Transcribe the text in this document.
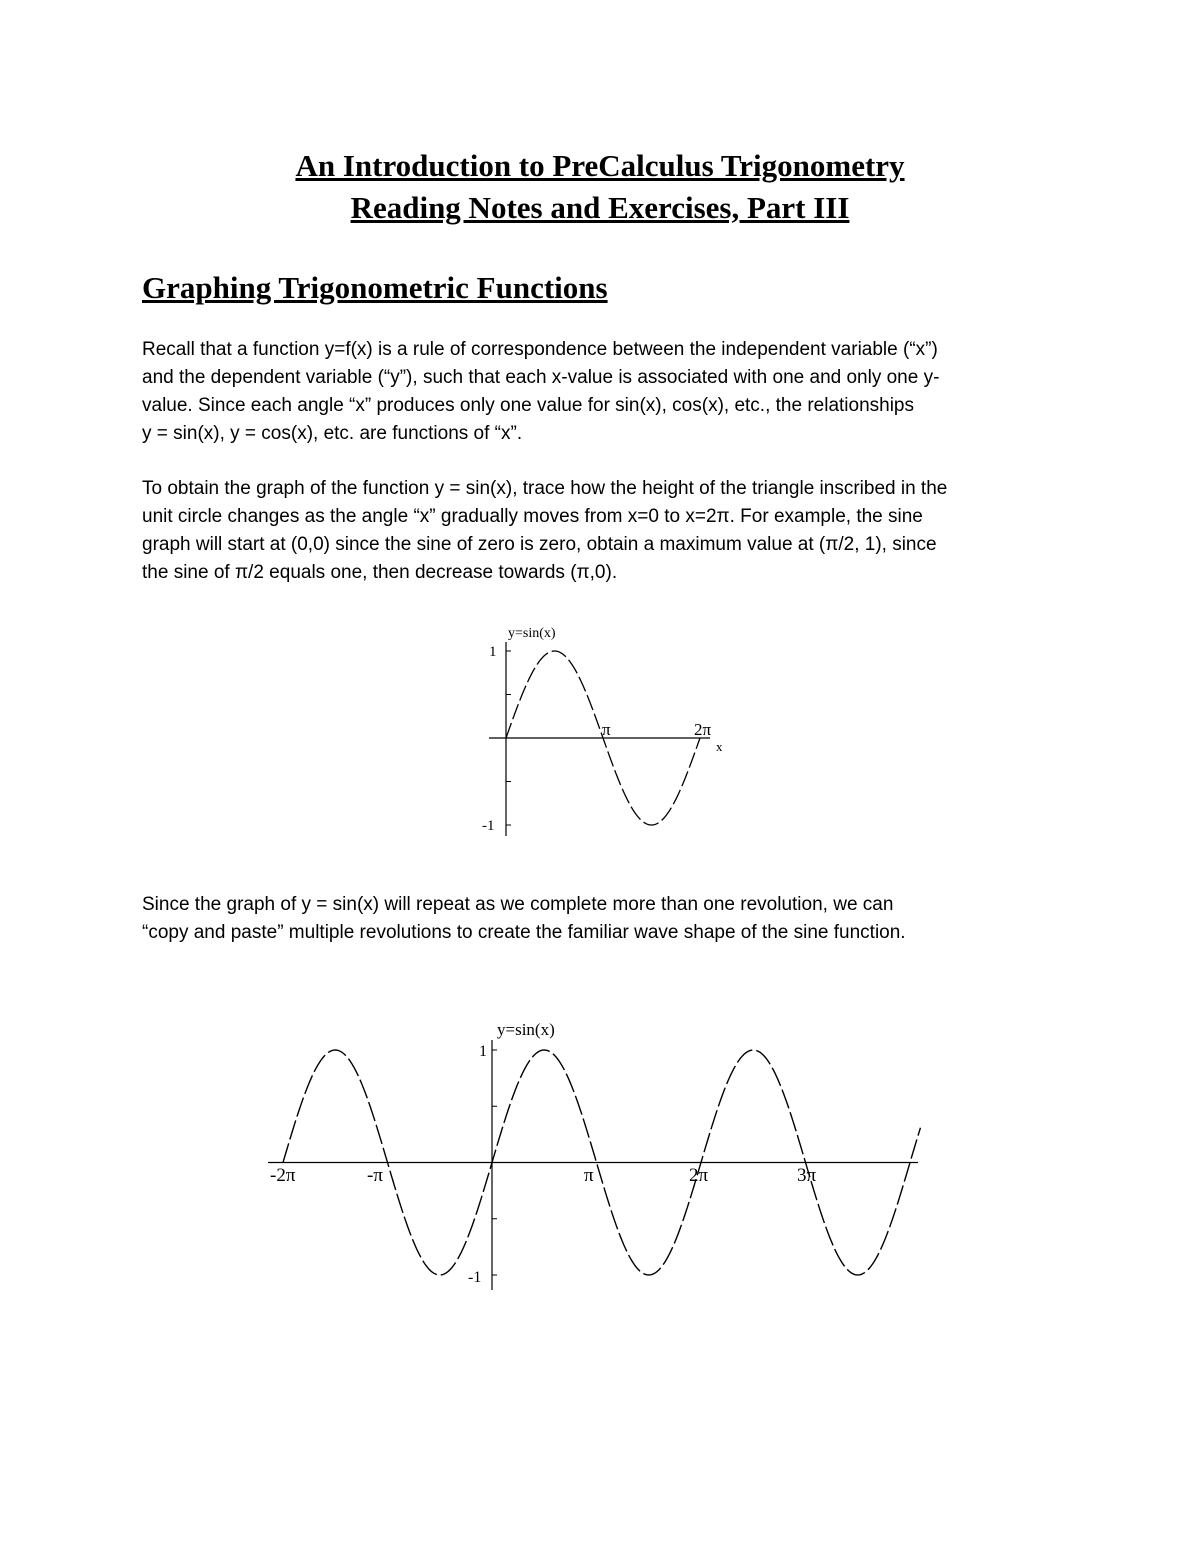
An Introduction to PreCalculus Trigonometry
Reading Notes and Exercises, Part III
Graphing Trigonometric Functions
Recall that a function y=f(x) is a rule of correspondence between the independent variable (“x”)
and the dependent variable (“y”), such that each x-value is associated with one and only one y-
value. Since each angle “x” produces only one value for sin(x), cos(x), etc., the relationships
y = sin(x), y = cos(x), etc. are functions of “x”.
To obtain the graph of the function y = sin(x), trace how the height of the triangle inscribed in the
unit circle changes as the angle “x” gradually moves from x=0 to x=2π. For example, the sine
graph will start at (0,0) since the sine of zero is zero, obtain a maximum value at (π/2, 1), since
the sine of π/2 equals one, then decrease towards (π,0).
y=sin(x)
1
-1
π	2π
x
Since the graph of y = sin(x) will repeat as we complete more than one revolution, we can
“copy and paste” multiple revolutions to create the familiar wave shape of the sine function.
y=sin(x)
1
-1
-2π	-π	π	2π	3π
